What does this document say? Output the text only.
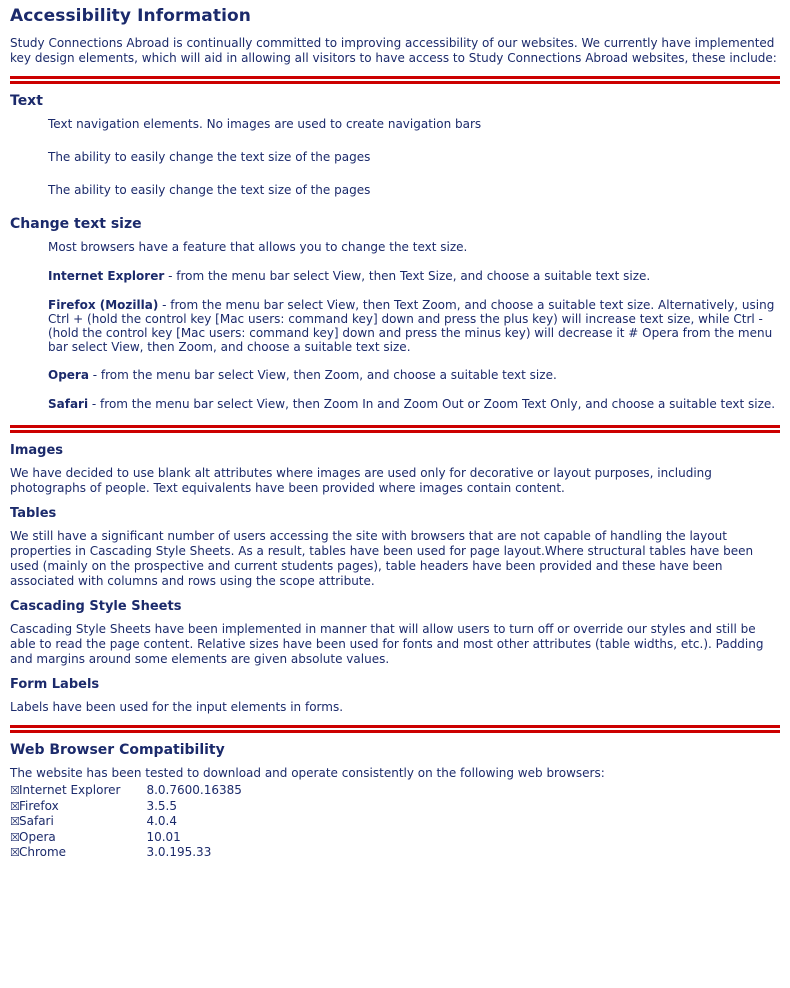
Accessibility Information

Study Connections Abroad is continually committed to improving accessibility of our websites. We currently have implemented key design elements, which will aid in allowing all visitors to have access to Study Connections Abroad websites, these include:

Text

Text navigation elements. No images are used to create navigation bars

The ability to easily change the text size of the pages

The ability to easily change the text size of the pages

Change text size

Most browsers have a feature that allows you to change the text size.

Internet Explorer - from the menu bar select View, then Text Size, and choose a suitable text size.

Firefox (Mozilla) - from the menu bar select View, then Text Zoom, and choose a suitable text size. Alternatively, using Ctrl + (hold the control key [Mac users: command key] down and press the plus key) will increase text size, while Ctrl - (hold the control key [Mac users: command key] down and press the minus key) will decrease it # Opera from the menu bar select View, then Zoom, and choose a suitable text size.

Opera - from the menu bar select View, then Zoom, and choose a suitable text size.

Safari - from the menu bar select View, then Zoom In and Zoom Out or Zoom Text Only, and choose a suitable text size.

Images

We have decided to use blank alt attributes where images are used only for decorative or layout purposes, including photographs of people. Text equivalents have been provided where images contain content.

Tables

We still have a significant number of users accessing the site with browsers that are not capable of handling the layout properties in Cascading Style Sheets. As a result, tables have been used for page layout.Where structural tables have been used (mainly on the prospective and current students pages), table headers have been provided and these have been associated with columns and rows using the scope attribute.

Cascading Style Sheets

Cascading Style Sheets have been implemented in manner that will allow users to turn off or override our styles and still be able to read the page content. Relative sizes have been used for fonts and most other attributes (table widths, etc.). Padding and margins around some elements are given absolute values.

Form Labels

Labels have been used for the input elements in forms.

Web Browser Compatibility

The website has been tested to download and operate consistently on the following web browsers:

☒Internet Explorer	8.0.7600.16385
☒Firefox	3.5.5
☒Safari	4.0.4
☒Opera	10.01
☒Chrome	3.0.195.33
